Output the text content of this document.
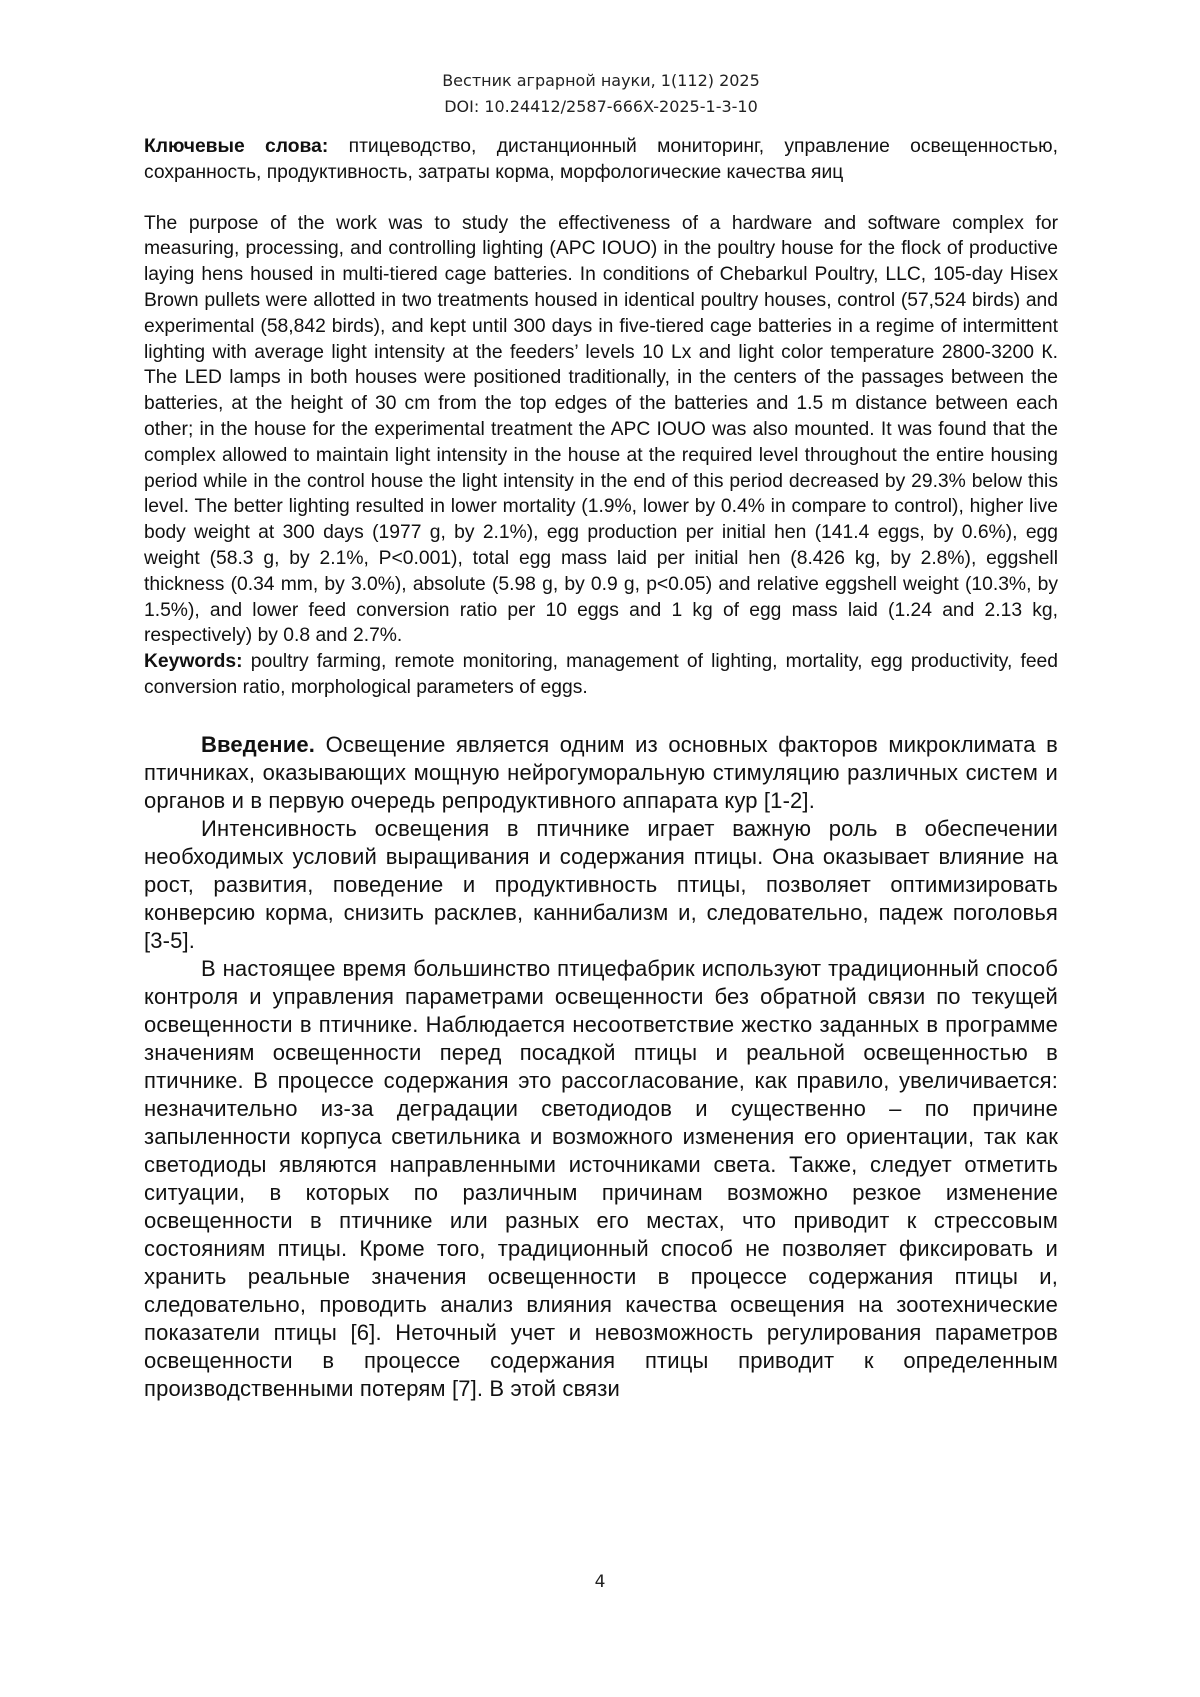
Вестник аграрной науки, 1(112) 2025
DOI: 10.24412/2587-666X-2025-1-3-10

Ключевые слова: птицеводство, дистанционный мониторинг, управление освещенностью, сохранность, продуктивность, затраты корма, морфологические качества яиц

The purpose of the work was to study the effectiveness of a hardware and software complex for measuring, processing, and controlling lighting (APC IOUO) in the poultry house for the flock of productive laying hens housed in multi-tiered cage batteries. In conditions of Chebarkul Poultry, LLC, 105-day Hisex Brown pullets were allotted in two treatments housed in identical poultry houses, control (57,524 birds) and experimental (58,842 birds), and kept until 300 days in five-tiered cage batteries in a regime of intermittent lighting with average light intensity at the feeders’ levels 10 Lx and light color temperature 2800-3200 К. The LED lamps in both houses were positioned traditionally, in the centers of the passages between the batteries, at the height of 30 cm from the top edges of the batteries and 1.5 m distance between each other; in the house for the experimental treatment the APC IOUO was also mounted. It was found that the complex allowed to maintain light intensity in the house at the required level throughout the entire housing period while in the control house the light intensity in the end of this period decreased by 29.3% below this level. The better lighting resulted in lower mortality (1.9%, lower by 0.4% in compare to control), higher live body weight at 300 days (1977 g, by 2.1%), egg production per initial hen (141.4 eggs, by 0.6%), egg weight (58.3 g, by 2.1%, P<0.001), total egg mass laid per initial hen (8.426 kg, by 2.8%), eggshell thickness (0.34 mm, by 3.0%), absolute (5.98 g, by 0.9 g, p<0.05) and relative eggshell weight (10.3%, by 1.5%), and lower feed conversion ratio per 10 eggs and 1 kg of egg mass laid (1.24 and 2.13 kg, respectively) by 0.8 and 2.7%.

Keywords: poultry farming, remote monitoring, management of lighting, mortality, egg productivity, feed conversion ratio, morphological parameters of eggs.

Введение. Освещение является одним из основных факторов микроклимата в птичниках, оказывающих мощную нейрогуморальную стимуляцию различных систем и органов и в первую очередь репродуктивного аппарата кур [1-2].

Интенсивность освещения в птичнике играет важную роль в обеспечении необходимых условий выращивания и содержания птицы. Она оказывает влияние на рост, развития, поведение и продуктивность птицы, позволяет оптимизировать конверсию корма, снизить расклев, каннибализм и, следовательно, падеж поголовья [3-5].

В настоящее время большинство птицефабрик используют традиционный способ контроля и управления параметрами освещенности без обратной связи по текущей освещенности в птичнике. Наблюдается несоответствие жестко заданных в программе значениям освещенности перед посадкой птицы и реальной освещенностью в птичнике. В процессе содержания это рассогласование, как правило, увеличивается: незначительно из-за деградации светодиодов и существенно – по причине запыленности корпуса светильника и возможного изменения его ориентации, так как светодиоды являются направленными источниками света. Также, следует отметить ситуации, в которых по различным причинам возможно резкое изменение освещенности в птичнике или разных его местах, что приводит к стрессовым состояниям птицы. Кроме того, традиционный способ не позволяет фиксировать и хранить реальные значения освещенности в процессе содержания птицы и, следовательно, проводить анализ влияния качества освещения на зоотехнические показатели птицы [6]. Неточный учет и невозможность регулирования параметров освещенности в процессе содержания птицы приводит к определенным производственными потерям [7]. В этой связи

4
